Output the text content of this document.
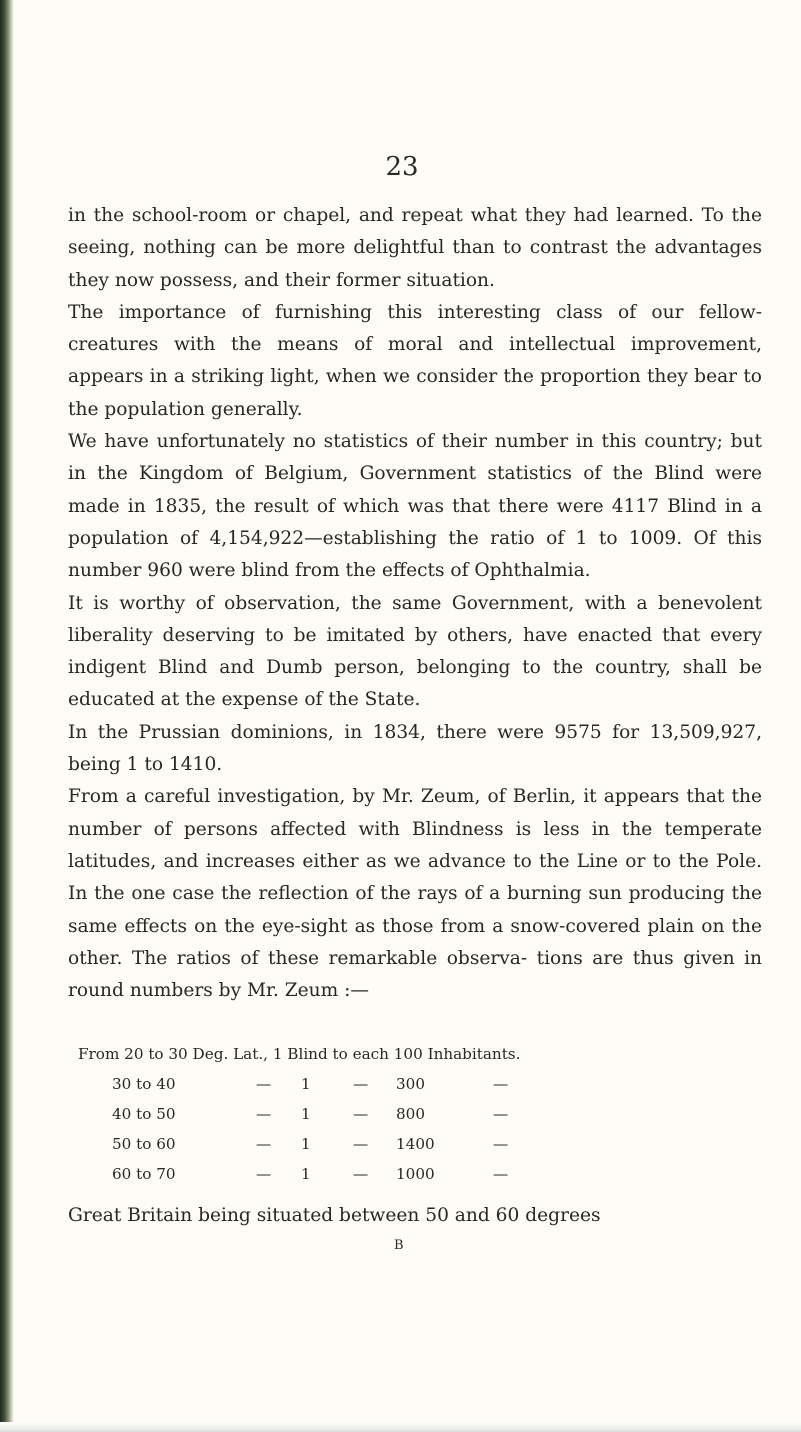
23

in the school-room or chapel, and repeat what they had learned. To the seeing, nothing can be more delightful than to contrast the advantages they now possess, and their former situation.

The importance of furnishing this interesting class of our fellow-creatures with the means of moral and intellectual improvement, appears in a striking light, when we consider the proportion they bear to the population generally.

We have unfortunately no statistics of their number in this country; but in the Kingdom of Belgium, Government statistics of the Blind were made in 1835, the result of which was that there were 4117 Blind in a population of 4,154,922—establishing the ratio of 1 to 1009. Of this number 960 were blind from the effects of Ophthalmia.

It is worthy of observation, the same Government, with a benevolent liberality deserving to be imitated by others, have enacted that every indigent Blind and Dumb person, belonging to the country, shall be educated at the expense of the State.

In the Prussian dominions, in 1834, there were 9575 for 13,509,927, being 1 to 1410.

From a careful investigation, by Mr. Zeum, of Berlin, it appears that the number of persons affected with Blindness is less in the temperate latitudes, and increases either as we advance to the Line or to the Pole. In the one case the reflection of the rays of a burning sun producing the same effects on the eye-sight as those from a snow-covered plain on the other. The ratios of these remarkable observa- tions are thus given in round numbers by Mr. Zeum :—

From 20 to 30 Deg. Lat., 1 Blind to each 100 Inhabitants.
30 to 40	— 1	— 300	—
40 to 50	— 1	— 800	—
50 to 60	— 1	— 1400	—
60 to 70	— 1	— 1000	—
Great Britain being situated between 50 and 60 degrees
B
